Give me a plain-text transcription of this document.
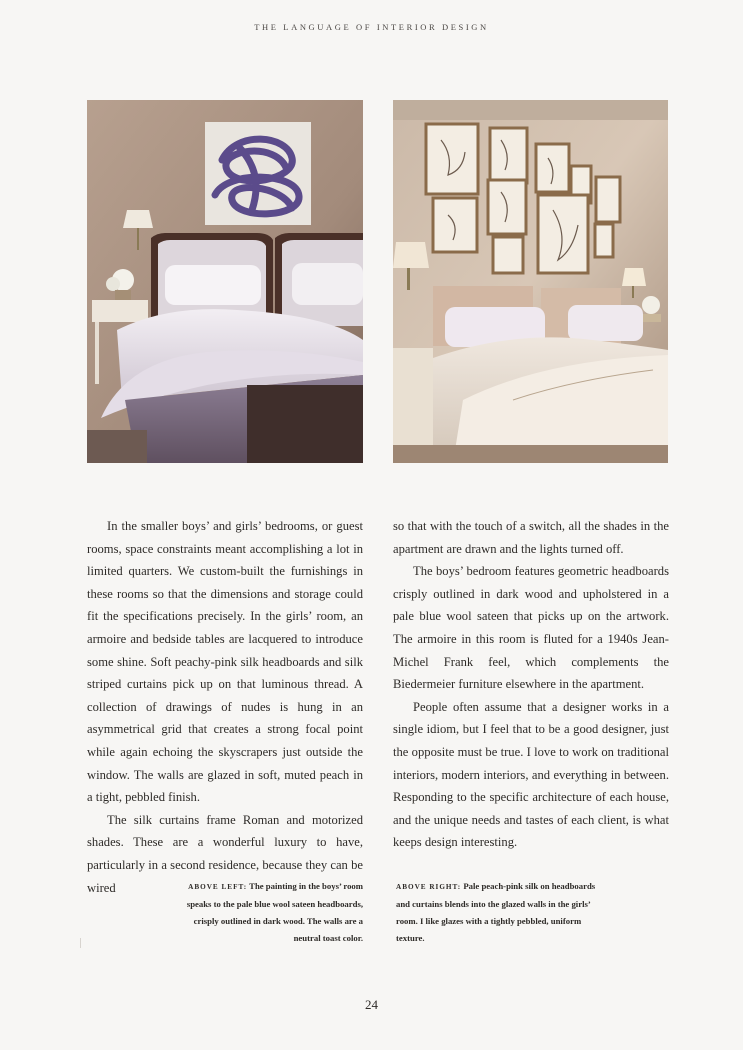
THE LANGUAGE OF INTERIOR DESIGN

In the smaller boys’ and girls’ bedrooms, or guest rooms, space constraints meant accomplishing a lot in limited quarters. We custom-built the furnishings in these rooms so that the dimensions and storage could fit the specifications precisely. In the girls’ room, an armoire and bedside tables are lacquered to introduce some shine. Soft peachy-pink silk headboards and silk striped curtains pick up on that luminous thread. A collection of drawings of nudes is hung in an asymmetrical grid that creates a strong focal point while again echoing the skyscrapers just outside the window. The walls are glazed in soft, muted peach in a tight, pebbled finish.

The silk curtains frame Roman and motorized shades. These are a wonderful luxury to have, particularly in a second residence, because they can be wired

so that with the touch of a switch, all the shades in the apartment are drawn and the lights turned off.

The boys’ bedroom features geometric headboards crisply outlined in dark wood and upholstered in a pale blue wool sateen that picks up on the artwork. The armoire in this room is fluted for a 1940s Jean-Michel Frank feel, which complements the Biedermeier furniture elsewhere in the apartment.

People often assume that a designer works in a single idiom, but I feel that to be a good designer, just the opposite must be true. I love to work on traditional interiors, modern interiors, and everything in between. Responding to the specific architecture of each house, and the unique needs and tastes of each client, is what keeps design interesting.

ABOVE LEFT: The painting in the boys’ room speaks to the pale blue wool sateen headboards, crisply outlined in dark wood. The walls are a neutral toast color.
ABOVE RIGHT: Pale peach-pink silk on headboards and curtains blends into the glazed walls in the girls’ room. I like glazes with a tightly pebbled, uniform texture.
24
